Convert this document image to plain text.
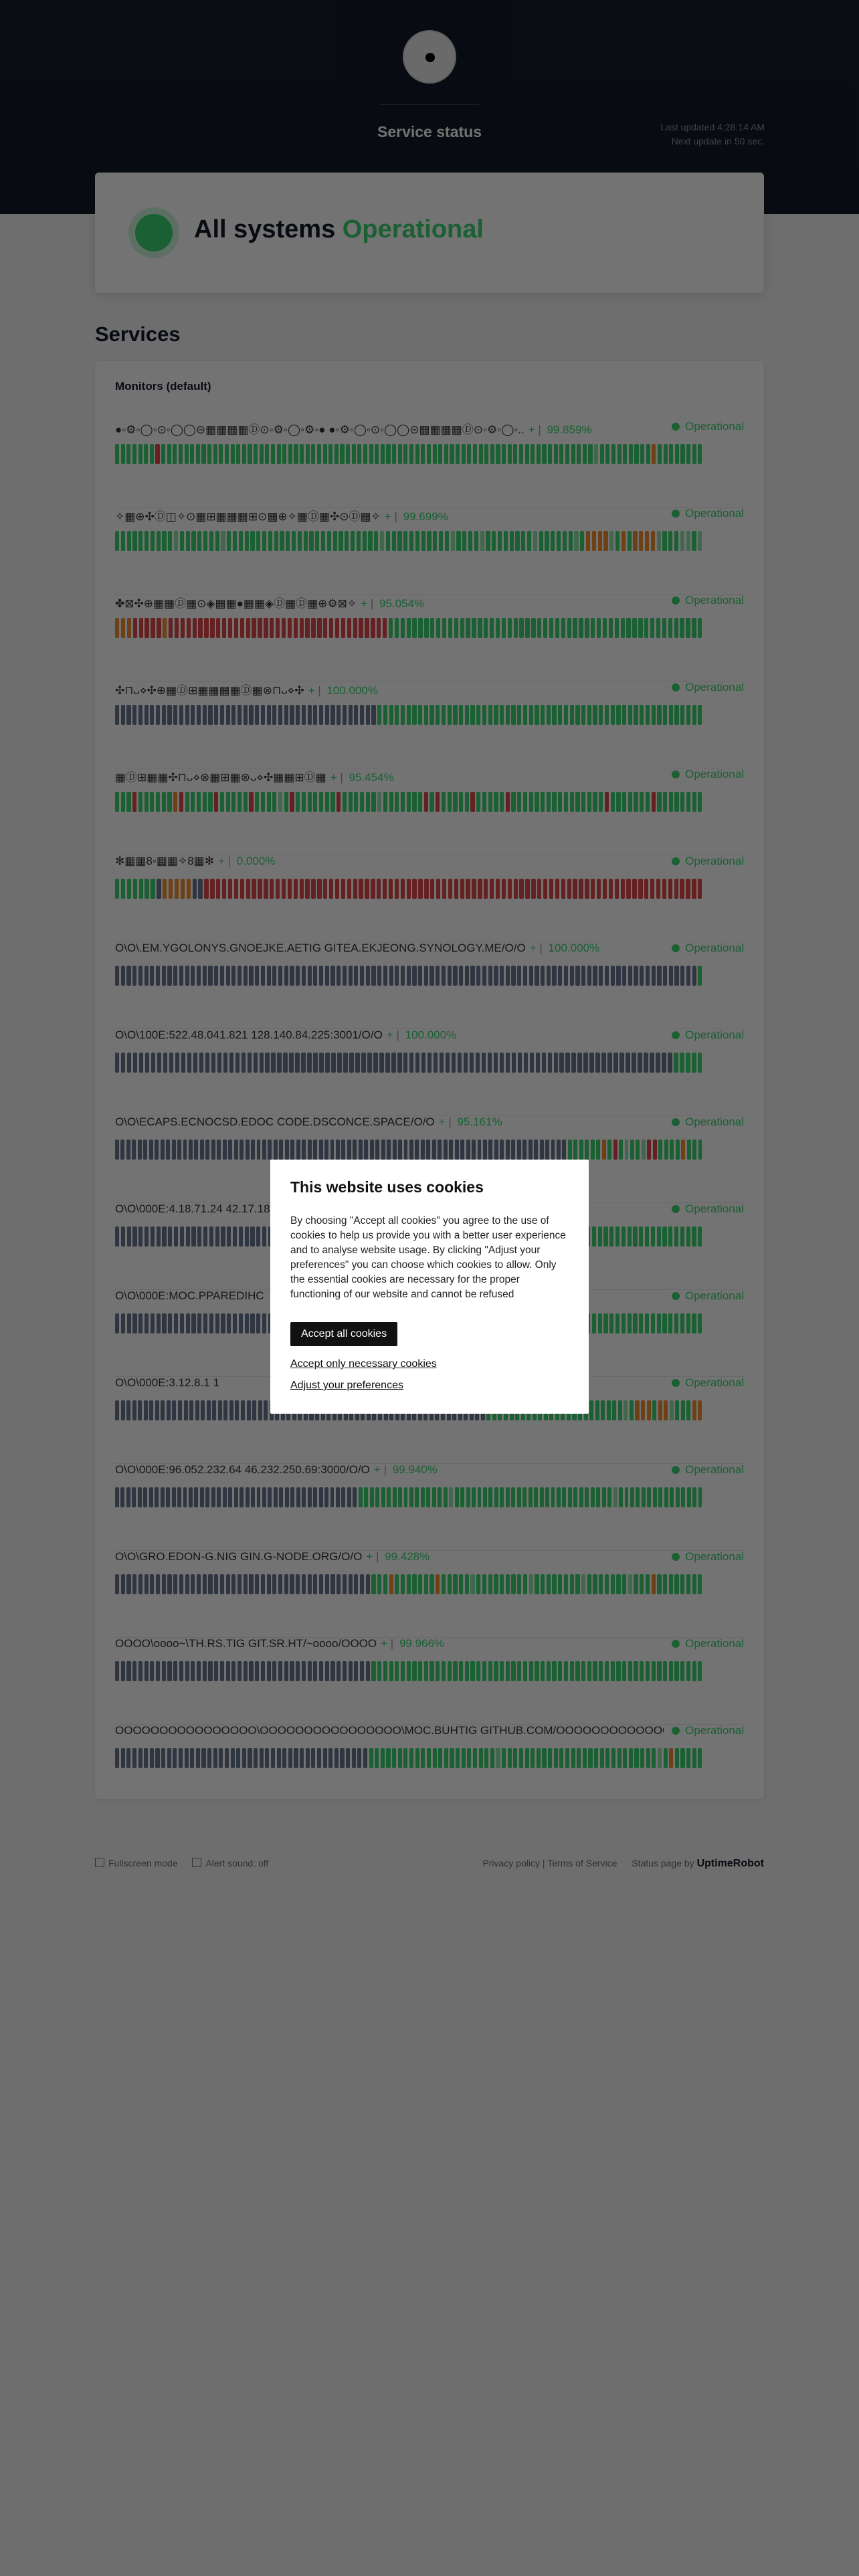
This website uses cookies

By choosing "Accept all cookies" you agree to the use of cookies to help us provide you with a better user experience and to analyse website usage. By clicking "Adjust your preferences" you can choose which cookies to allow. Only the essential cookies are necessary for the proper functioning of our website and cannot be refused

Accept all cookies
Accept only necessary cookies
Adjust your preferences
